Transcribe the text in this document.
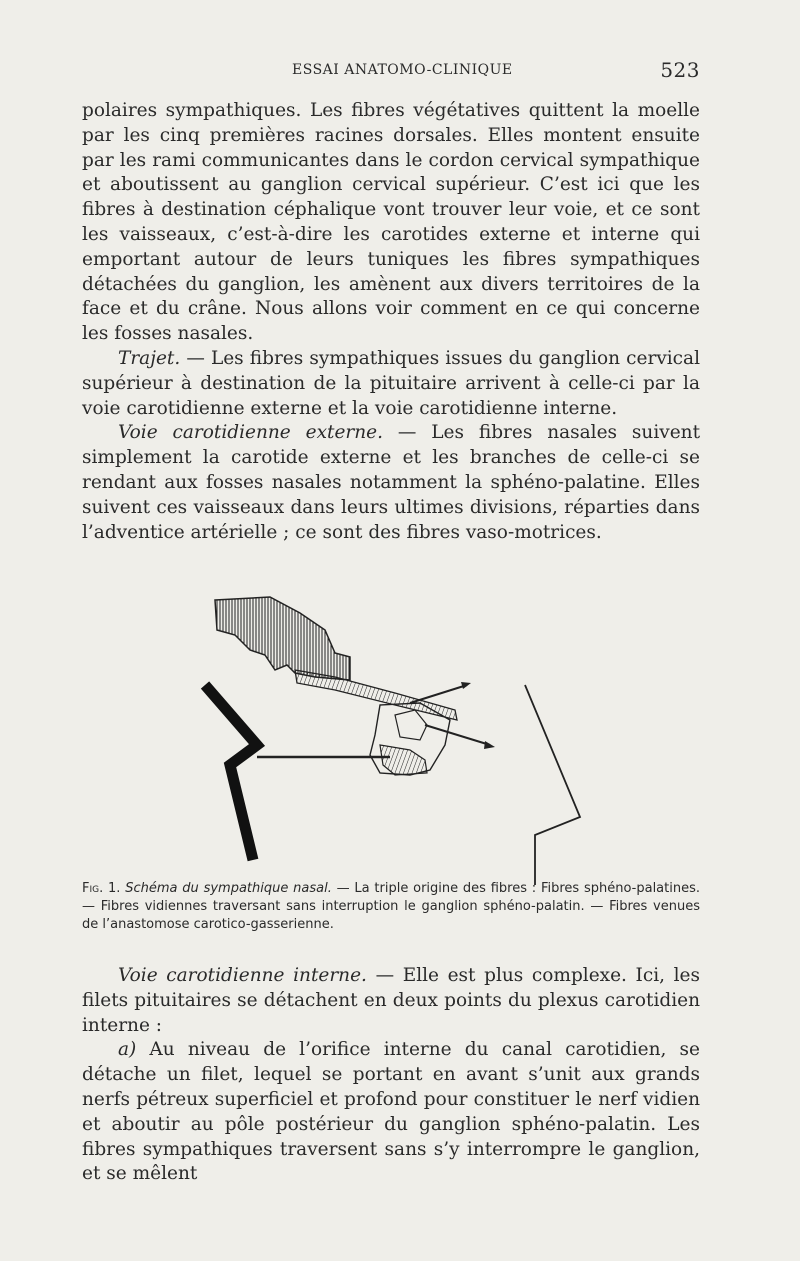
ESSAI ANATOMO-CLINIQUE	523

polaires sympathiques. Les fibres végétatives quittent la moelle par les cinq premières racines dorsales. Elles montent ensuite par les rami communicantes dans le cordon cervical sympathique et aboutissent au ganglion cervical supérieur. C’est ici que les fibres à destination céphalique vont trouver leur voie, et ce sont les vaisseaux, c’est-à-dire les carotides externe et interne qui emportant autour de leurs tuniques les fibres sympathiques détachées du ganglion, les amènent aux divers territoires de la face et du crâne. Nous allons voir comment en ce qui concerne les fosses nasales.

Trajet. — Les fibres sympathiques issues du ganglion cervical supérieur à destination de la pituitaire arrivent à celle-ci par la voie carotidienne externe et la voie carotidienne interne.

Voie carotidienne externe. — Les fibres nasales suivent simplement la carotide externe et les branches de celle-ci se rendant aux fosses nasales notamment la sphéno-palatine. Elles suivent ces vaisseaux dans leurs ultimes divisions, réparties dans l’adventice artérielle ; ce sont des fibres vaso-motrices.

Fig. 1. Schéma du sympathique nasal. — La triple origine des fibres : Fibres sphéno-palatines. — Fibres vidiennes traversant sans interruption le ganglion sphéno-palatin. — Fibres venues de l’anastomose carotico-gasserienne.

Voie carotidienne interne. — Elle est plus complexe. Ici, les filets pituitaires se détachent en deux points du plexus carotidien interne :

a) Au niveau de l’orifice interne du canal carotidien, se détache un filet, lequel se portant en avant s’unit aux grands nerfs pétreux superficiel et profond pour constituer le nerf vidien et aboutir au pôle postérieur du ganglion sphéno-palatin. Les fibres sympathiques traversent sans s’y interrompre le ganglion, et se mêlent
